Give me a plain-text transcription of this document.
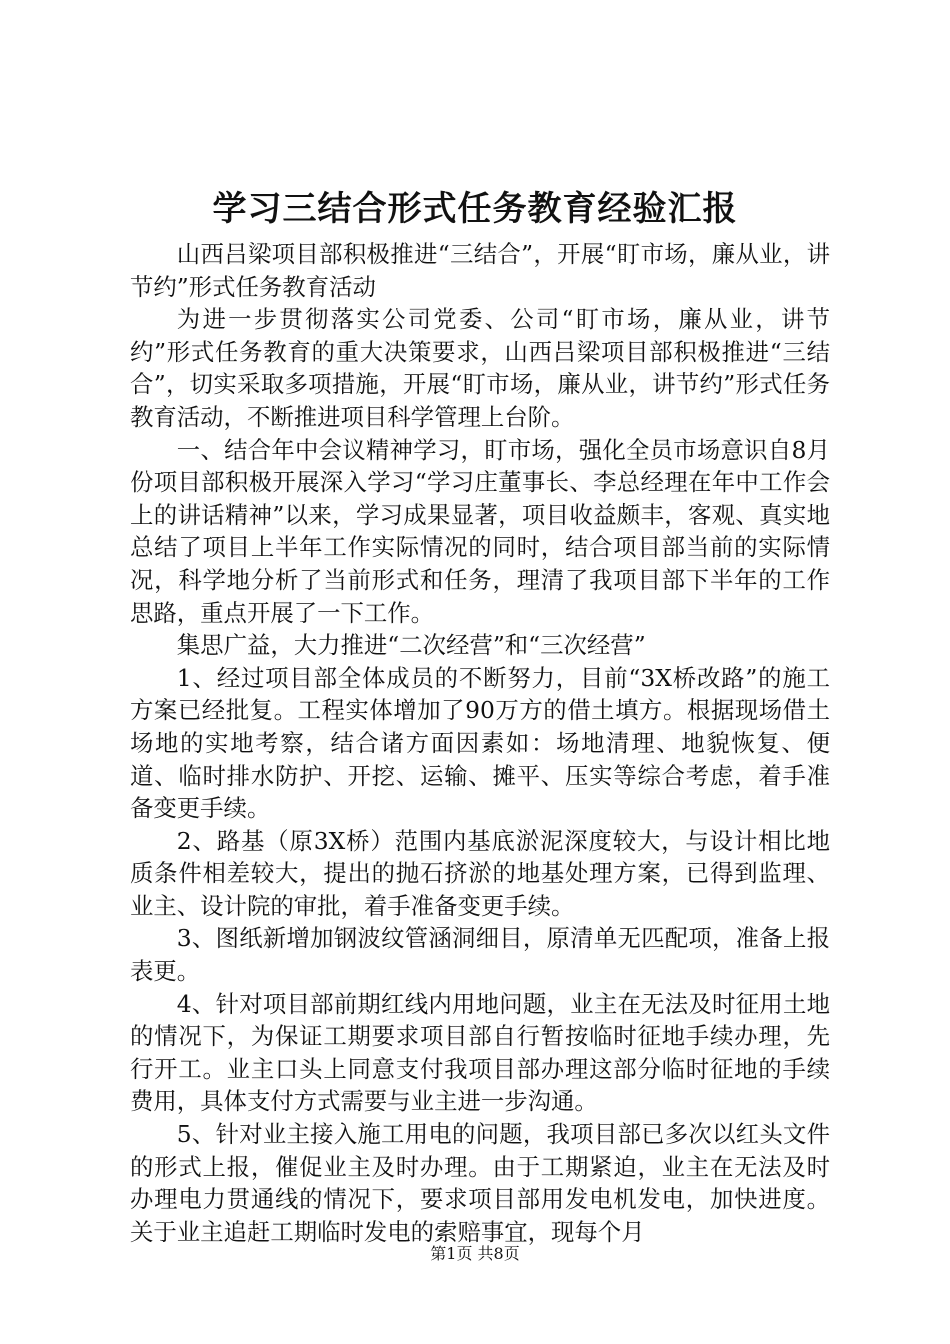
学习三结合形式任务教育经验汇报

山西吕梁项目部积极推进“三结合”，开展“盯市场，廉从业，讲节约”形式任务教育活动

为进一步贯彻落实公司党委、公司“盯市场，廉从业，讲节约”形式任务教育的重大决策要求，山西吕梁项目部积极推进“三结合”，切实采取多项措施，开展“盯市场，廉从业，讲节约”形式任务教育活动，不断推进项目科学管理上台阶。

一、结合年中会议精神学习，盯市场，强化全员市场意识自8月份项目部积极开展深入学习“学习庄董事长、李总经理在年中工作会上的讲话精神”以来，学习成果显著，项目收益颇丰，客观、真实地总结了项目上半年工作实际情况的同时，结合项目部当前的实际情况，科学地分析了当前形式和任务，理清了我项目部下半年的工作思路，重点开展了一下工作。

集思广益，大力推进“二次经营”和“三次经营”

1、经过项目部全体成员的不断努力，目前“3X桥改路”的施工方案已经批复。工程实体增加了90万方的借土填方。根据现场借土场地的实地考察，结合诸方面因素如：场地清理、地貌恢复、便道、临时排水防护、开挖、运输、摊平、压实等综合考虑，着手准备变更手续。

2、路基（原3X桥）范围内基底淤泥深度较大，与设计相比地质条件相差较大，提出的抛石挤淤的地基处理方案，已得到监理、业主、设计院的审批，着手准备变更手续。

3、图纸新增加钢波纹管涵洞细目，原清单无匹配项，准备上报表更。

4、针对项目部前期红线内用地问题，业主在无法及时征用土地的情况下，为保证工期要求项目部自行暂按临时征地手续办理，先行开工。业主口头上同意支付我项目部办理这部分临时征地的手续费用，具体支付方式需要与业主进一步沟通。

5、针对业主接入施工用电的问题，我项目部已多次以红头文件的形式上报，催促业主及时办理。由于工期紧迫，业主在无法及时办理电力贯通线的情况下，要求项目部用发电机发电，加快进度。关于业主追赶工期临时发电的索赔事宜，现每个月

第1页 共8页
